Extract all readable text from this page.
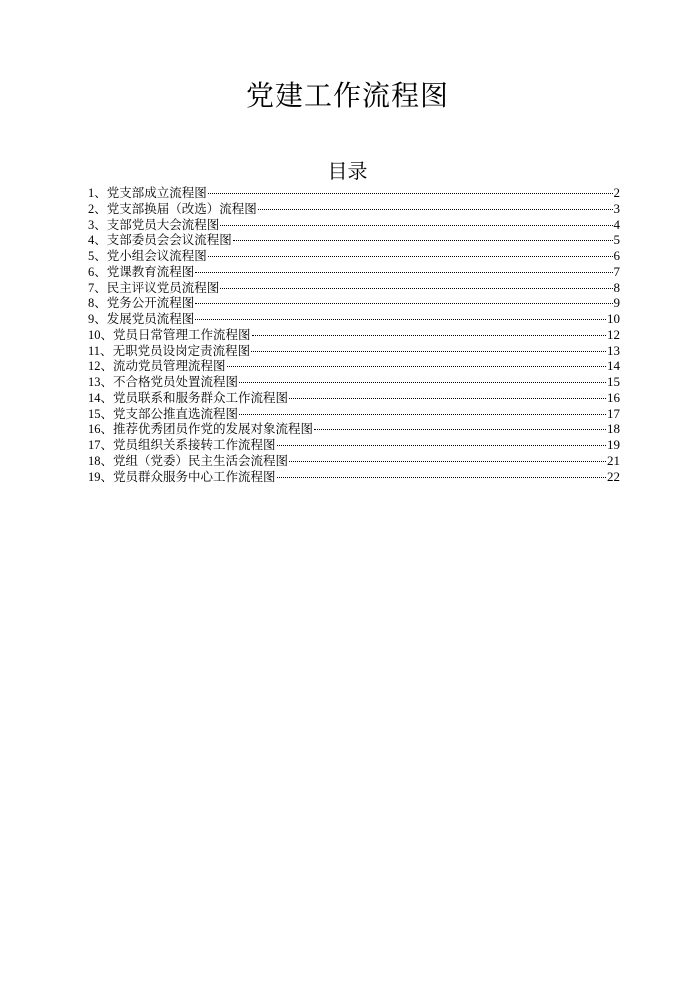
党建工作流程图
目录
1、党支部成立流程图	2
2、党支部换届（改选）流程图	3
3、支部党员大会流程图	4
4、支部委员会会议流程图	5
5、党小组会议流程图	6
6、党课教育流程图	7
7、民主评议党员流程图	8
8、党务公开流程图	9
9、发展党员流程图	10
10、党员日常管理工作流程图	12
11、无职党员设岗定责流程图	13
12、流动党员管理流程图	14
13、不合格党员处置流程图	15
14、党员联系和服务群众工作流程图	16
15、党支部公推直选流程图	17
16、推荐优秀团员作党的发展对象流程图	18
17、党员组织关系接转工作流程图	19
18、党组（党委）民主生活会流程图	21
19、党员群众服务中心工作流程图	22
